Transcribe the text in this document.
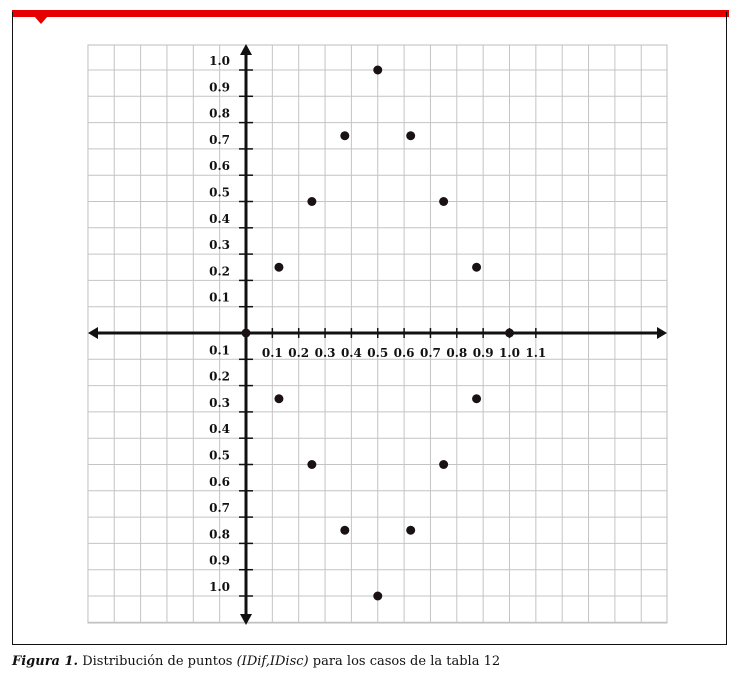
0.1 0.2 0.3 0.4 0.5 0.6 0.7 0.8 0.9 1.0 1.1
0.1
0.2
0.3
0.4
0.5
0.6
0.7
0.8
0.9
1.0
0.1
0.2
0.3
0.4
0.5
0.6
0.7
0.8
0.9
1.0
Figura 1. Distribución de puntos (IDif,IDisc) para los casos de la tabla 12
